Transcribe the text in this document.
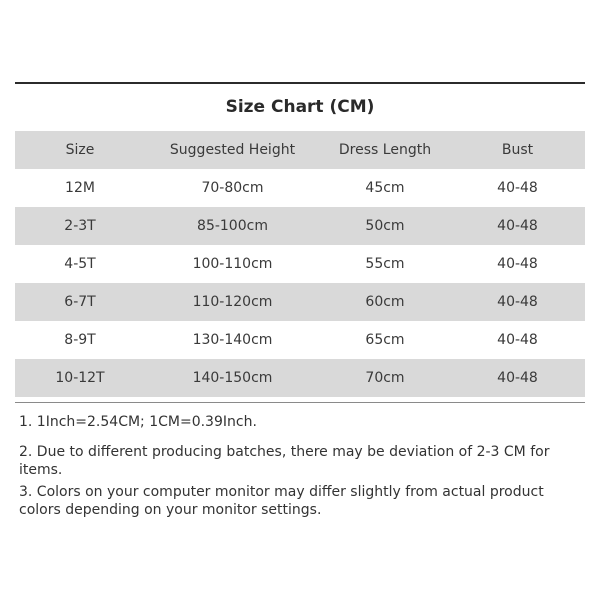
Size Chart (CM)
Size	Suggested Height	Dress Length	Bust
12M	70-80cm	45cm	40-48
2-3T	85-100cm	50cm	40-48
4-5T	100-110cm	55cm	40-48
6-7T	110-120cm	60cm	40-48
8-9T	130-140cm	65cm	40-48
10-12T	140-150cm	70cm	40-48
1. 1Inch=2.54CM; 1CM=0.39Inch.
2. Due to different producing batches, there may be deviation of 2-3 CM for items.
3. Colors on your computer monitor may differ slightly from actual product colors depending on your monitor settings.
